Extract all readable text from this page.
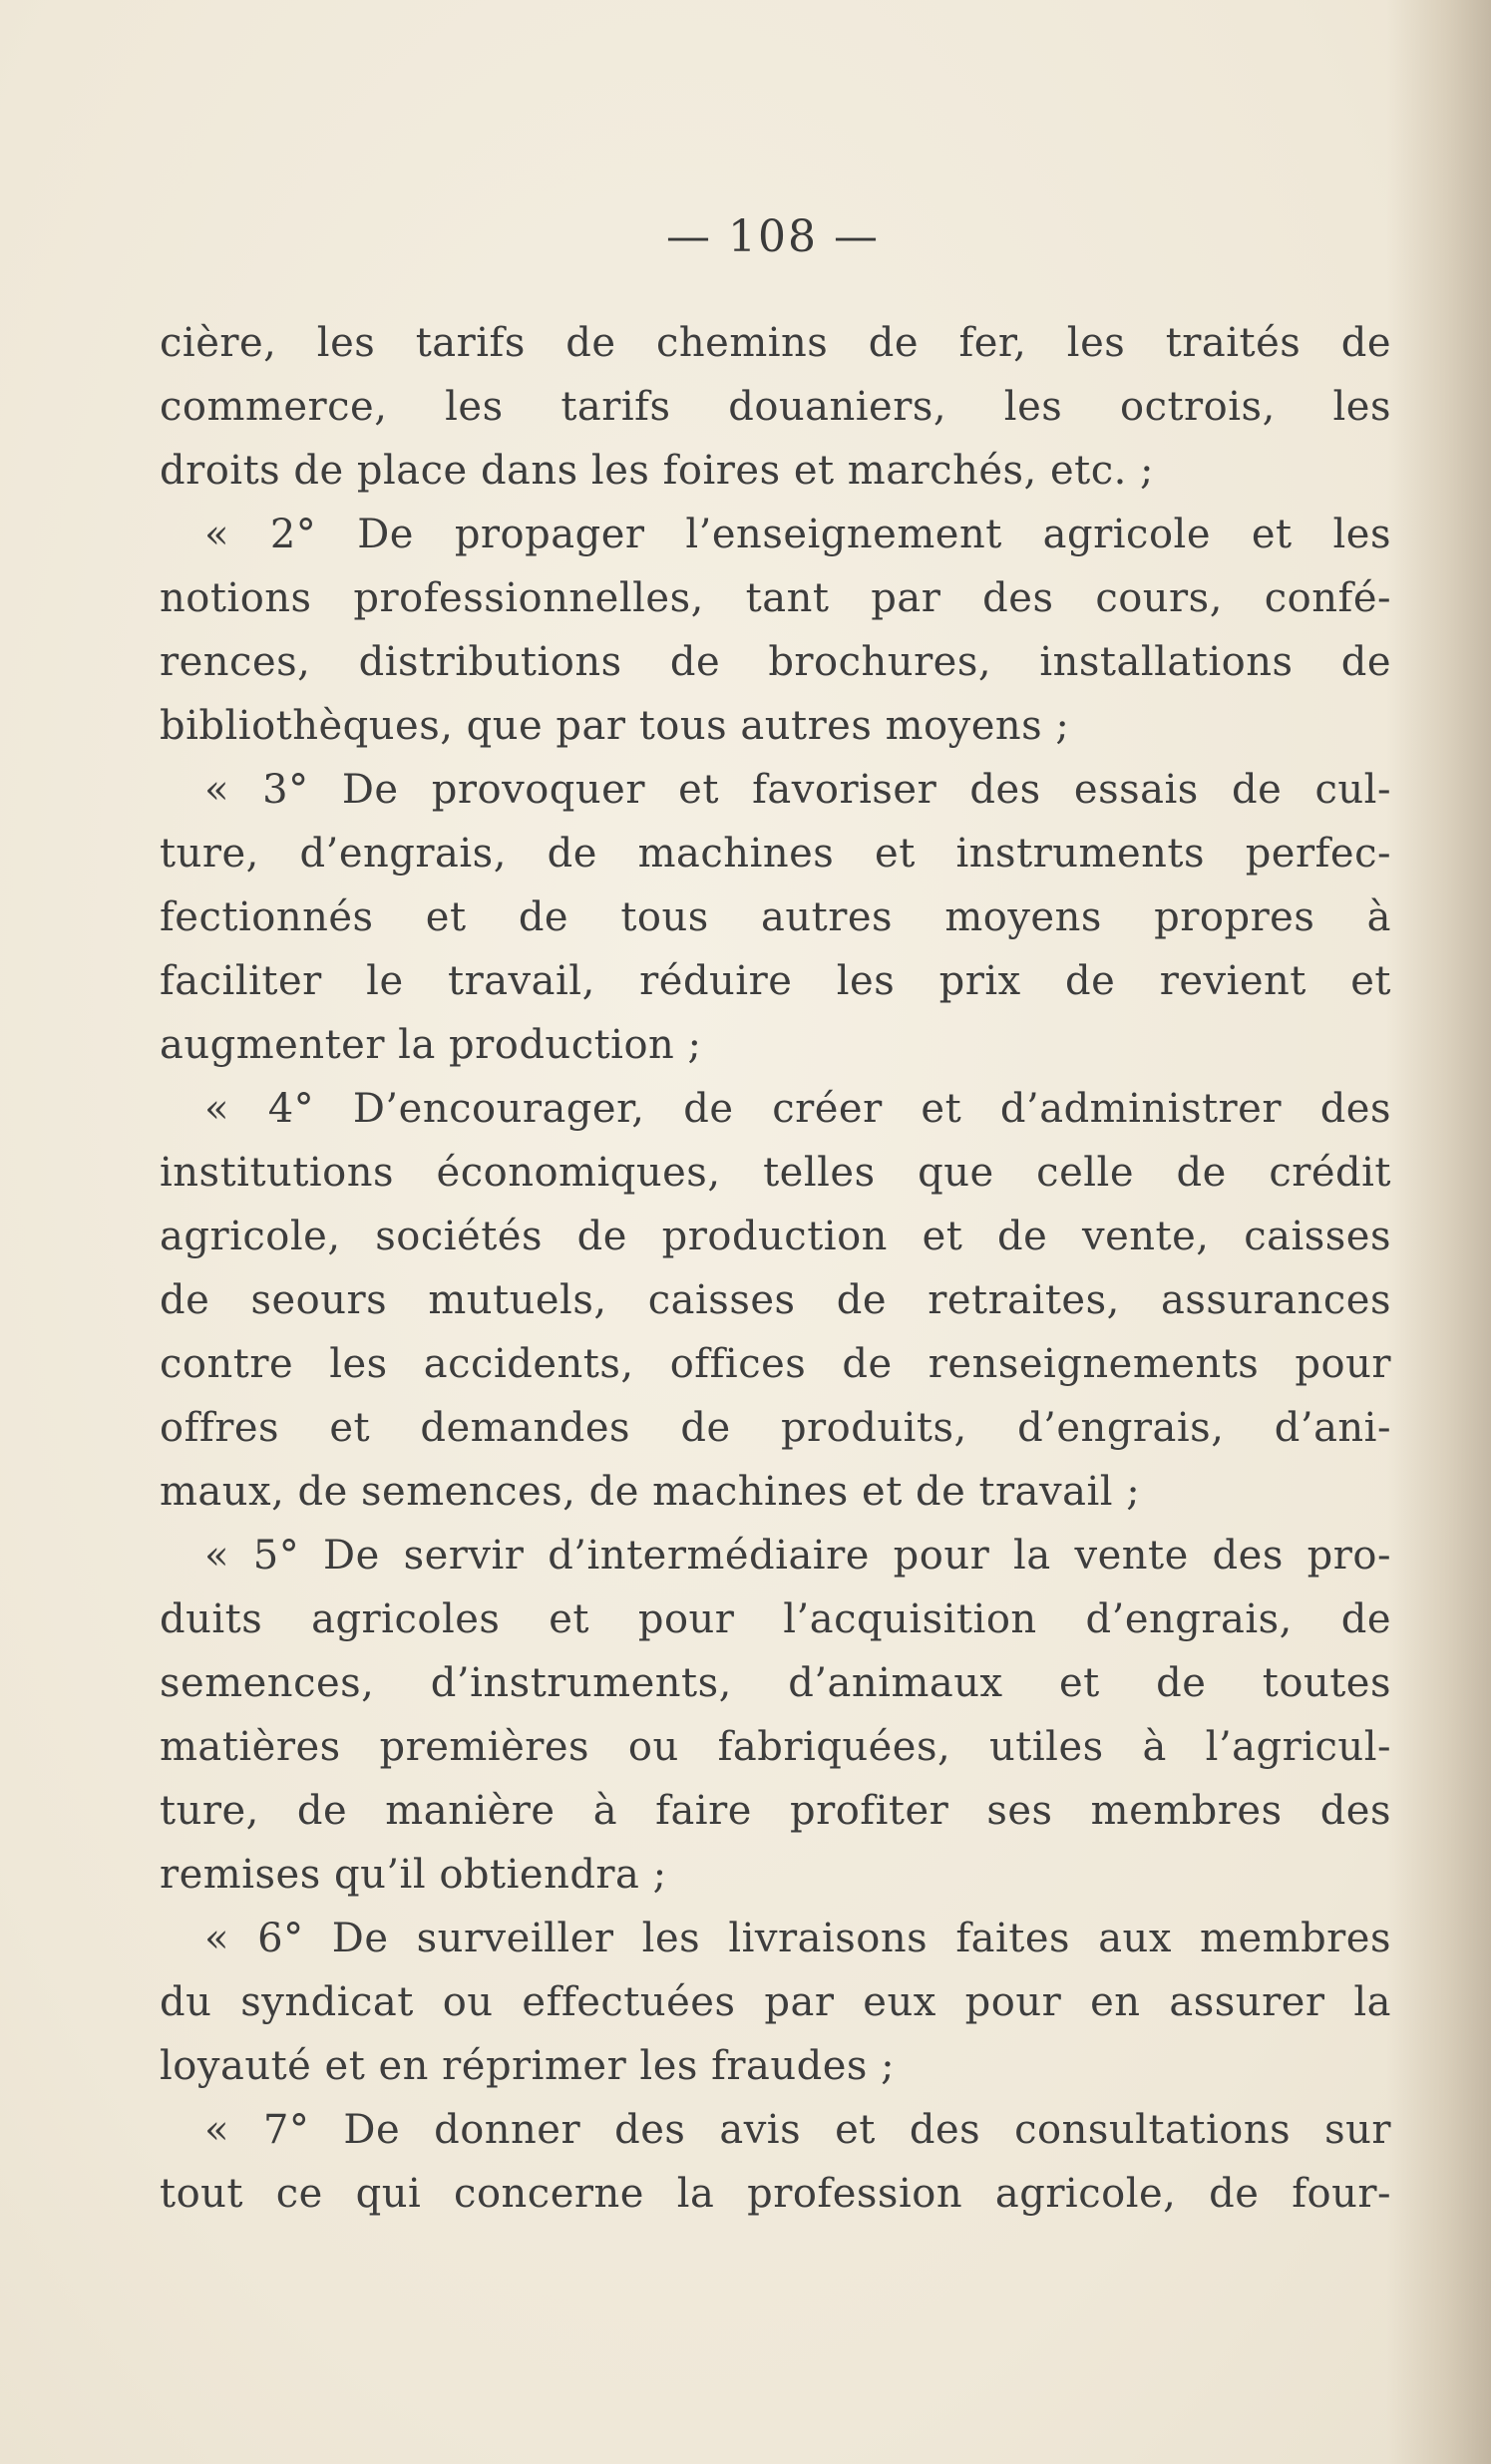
— 108 —
cière, les tarifs de chemins de fer, les traités de
commerce, les tarifs douaniers, les octrois, les
droits de place dans les foires et marchés, etc. ;
« 2° De propager l’enseignement agricole et les
notions professionnelles, tant par des cours, confé-
rences, distributions de brochures, installations de
bibliothèques, que par tous autres moyens ;
« 3° De provoquer et favoriser des essais de cul-
ture, d’engrais, de machines et instruments perfec-
fectionnés et de tous autres moyens propres à
faciliter le travail, réduire les prix de revient et
augmenter la production ;
« 4° D’encourager, de créer et d’administrer des
institutions économiques, telles que celle de crédit
agricole, sociétés de production et de vente, caisses
de seours mutuels, caisses de retraites, assurances
contre les accidents, offices de renseignements pour
offres et demandes de produits, d’engrais, d’ani-
maux, de semences, de machines et de travail ;
« 5° De servir d’intermédiaire pour la vente des pro-
duits agricoles et pour l’acquisition d’engrais, de
semences, d’instruments, d’animaux et de toutes
matières premières ou fabriquées, utiles à l’agricul-
ture, de manière à faire profiter ses membres des
remises qu’il obtiendra ;
« 6° De surveiller les livraisons faites aux membres
du syndicat ou effectuées par eux pour en assurer la
loyauté et en réprimer les fraudes ;
« 7° De donner des avis et des consultations sur
tout ce qui concerne la profession agricole, de four-
